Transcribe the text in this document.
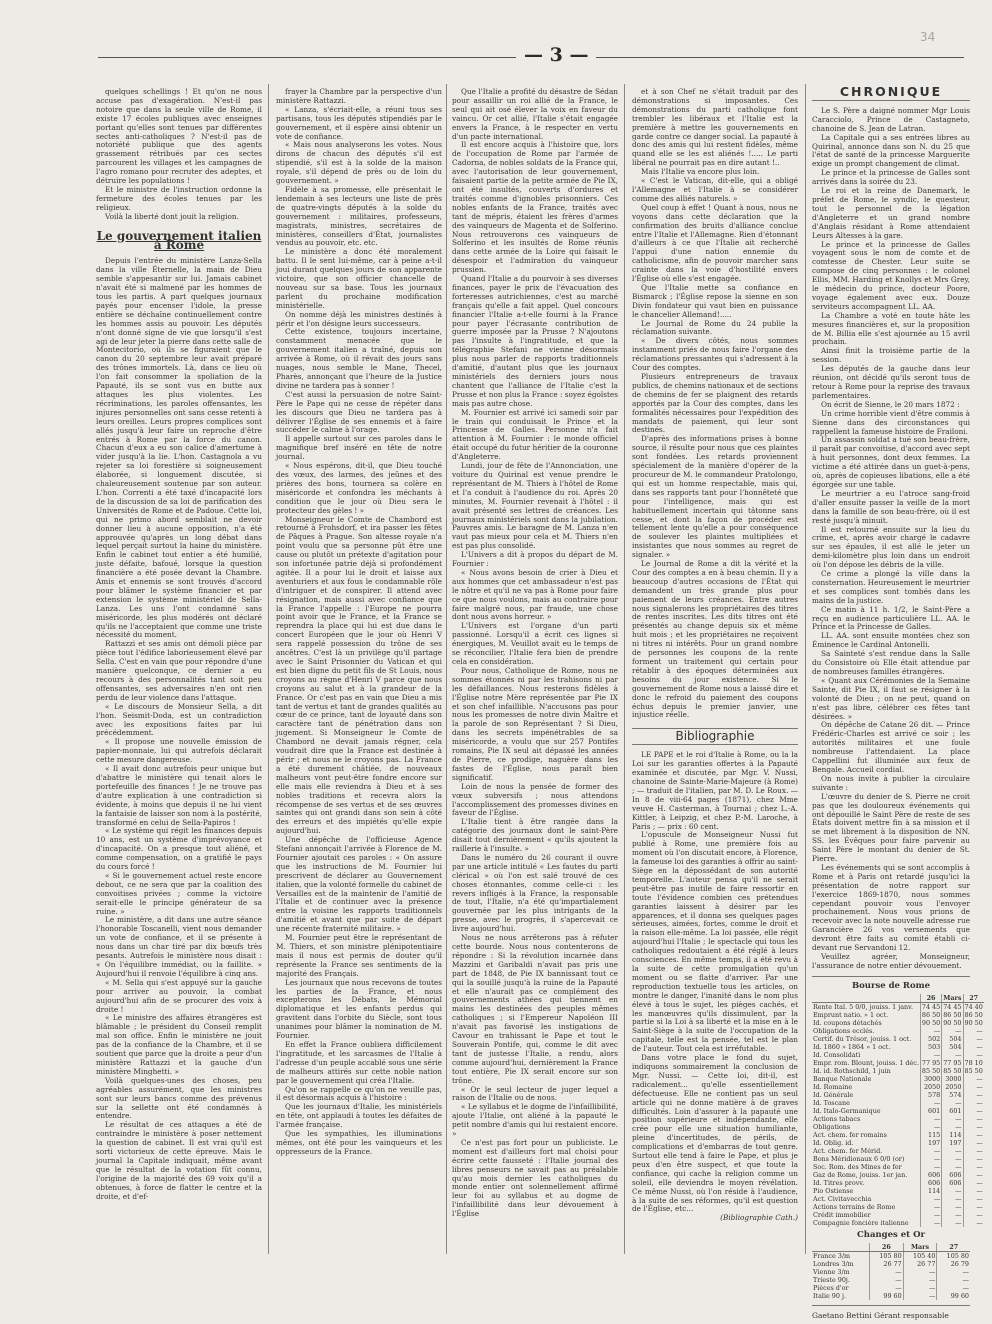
— 3 —
34

quelques schellings ! Et qu'on ne nous accuse pas d'exagération. N'est-il pas notoire que dans la seule ville de Rome, il existe 17 écoles publiques avec enseignes portant qu'elles sont tenues par différentes sectes anti-catholiques ? N'est-il pas de notoriété publique que des agents grassement rétribués par ces sectes parcourent les villages et les campagnes de l'agro romano pour recruter des adeptes, et détruire les populations !

Et le ministre de l'instruction ordonne la fermeture des écoles tenues par les religieux.

Voilà la liberté dont jouit la religion.

Le gouvernement italien à Rome

Depuis l'entrée du ministère Lanza-Sella dans la ville Éternelle, la main de Dieu semble s'appesantir sur lui. Jamais cabinet n'avait été si malmené par les hommes de tous les partis. A part quelques journaux payés pour encenser l'idole, la presse entière se déchaîne continuellement contre les hommes assis au pouvoir. Les députés n'ont donné signe de vie que lorsqu'il s'est agi de leur jeter la pierre dans cette salle de Montecitorio, où ils se figuraient que le canon du 20 septembre leur avait préparé des trônes immortels. Là, dans ce lieu où l'on fait consommer la spoliation de la Papauté, ils se sont vus en butte aux attaques les plus violentes. Les récriminations, les paroles offensantes, les injures personnelles ont sans cesse retenti à leurs oreilles. Leurs propres complices sont allés jusqu'à leur faire un reproche d'être entrés à Rome par la force du canon. Chacun d'eux a eu son calice d'amertume à vider jusqu'à la lie. L'hon. Castagnola a vu rejeter sa loi forestière si soigneusement élaborée, si longuement discutée, si chaleureusement soutenue par son auteur. L'hon. Correnti a été taxé d'incapacité lors de la discussion de sa loi de parification des Universités de Rome et de Padoue. Cette loi, qui ne primo abord semblait ne devoir donner lieu à aucune opposition, n'a été approuvée qu'après un long débat dans lequel perçait surtout la haine du ministère. Enfin le cabinet tout entier a été humilié, juste défaite, bafoué, lorsque la question financière a été posée devant la Chambre. Amis et ennemis se sont trouvés d'accord pour blâmer le système financier et par extension le système ministériel de Sella-Lanza. Les uns l'ont condamné sans miséricorde, les plus modérés ont déclaré qu'ils ne l'acceptaient que comme une triste nécessité du moment.

Rattazzi et ses amis ont démoli pièce par pièce tout l'édifice laborieusement élevé par Sella. C'est en vain que pour répondre d'une manière quelconque, ce dernier a eu recours à des personnalités tant soit peu offensantes, ses adversaires n'en ont rien perdu de leur violence dans l'attaque.

« Le discours de Monsieur Sella, a dit l'hon. Seismit-Doda, est un contradiction avec les expositions faites par lui précédemment.

« Il propose une nouvelle émission de papier-monnaie, lui qui autrefois déclarait cette mesure dangereuse.

« Il avait donc autrefois peur unique but d'abattre le ministère qui tenait alors le portefeuille des finances ! Je ne trouve pas d'autre explication à une contradiction si évidente, à moins que depuis il ne lui vient la fantaisie de laisser son nom à la postérité, transformé en celui de Sella-Papiros !

« Le système qui régit les finances depuis 10 ans, est un système d'imprévoyance et d'incapacité. On a presque tout aliéné, et comme compensation, on a gratifié le pays du cours forcé !

« Si le gouvernement actuel reste encore debout, ce ne sera que par la coalition des convoitises privées ; comme la victoire serait-elle le principe générateur de sa ruine. »

Le ministère, a dit dans une autre séance l'honorable Toscanelli, vient nous demander un vote de confiance, et il se présente à nous dans un char tiré par dix bœufs très pesants. Autrefois le ministère nous disait : « On l'équilibre immédiat, ou la faillite. » Aujourd'hui il renvoie l'équilibre à cinq ans.

« M. Sella qui s'est appuyé sur la gauche pour arriver au pouvoir, la combat aujourd'hui afin de se procurer des voix à droite !

« Le ministre des affaires étrangères est blâmable ; le président du Conseil remplit mal son office. Enfin le ministère ne jouit pas de la confiance de la Chambre, et il se soutient que parce que la droite a peur d'un ministère Rattazzi et la gauche d'un ministère Minghetti. »

Voilà quelques-unes des choses, peu agréables assurément, que les ministres sont sur leurs bancs comme des prévenus sur la sellette ont été condamnés à entendre.

Le résultat de ces attaques a été de contraindre le ministère à poser nettement la question de cabinet. Il est vrai qu'il est sorti victorieux de cette épreuve. Mais le journal la Capitale indiquait, même avant que le résultat de la votation fût connu, l'origine de la majorité des 69 voix qu'il a obtenues, à force de flatter le centre et la droite, et d'ef-

frayer la Chambre par la perspective d'un ministère Rattazzi.

« Lanza, s'écriait-elle, a réuni tous ses partisans, tous les députés stipendiés par le gouvernement, et il espère ainsi obtenir un vote de confiance.

« Mais nous analyserons les votes. Nous dirons de chacun des députés s'il est stipendié, s'il est à la solde de la maison royale, s'il dépend de près ou de loin du gouvernement. »

Fidèle à sa promesse, elle présentait le lendemain à ses lecteurs une liste de près de quatre-vingts députés à la solde du gouvernement : militaires, professeurs, magistrats, ministres, secrétaires de ministères, conseillers d'État, journalistes vendus au pouvoir, etc. etc.

Le ministère a donc été moralement battu. Il le sent lui-même, car à peine a-t-il joui durant quelques jours de son apparente victoire, que son officier chancelle de nouveau sur sa base. Tous les journaux parlent du prochaine modification ministérielle.

On nomme déjà les ministres destinés à périr et l'on désigne leurs successeurs.

Cette existence, toujours incertaine, constamment menacée que le gouvernement italien a traîné, depuis son arrivée à Rome, où il révait des jours sans nuages, nous semble le Mane, Thecel, Pharès, annonçant que l'heure de la Justice divine ne tardera pas à sonner !

C'est aussi la persuasion de notre Saint-Père le Pape qui ne cesse de répéter dans les discours que Dieu ne tardera pas à délivrer l'Église de ses ennemis et à faire succéder le calme à l'orage.

Il appelle surtout sur ces paroles dans le magnifique bref inséré en tête de notre journal.

« Nous espérons, dit-il, que Dieu touché des vœux, des larmes, des jeûnes et des prières des bons, tournera sa colère en miséricorde et confondra les méchants à condition que le jour où Dieu sera le protecteur des gèles ! »

Monseigneur le Comte de Chambord est retourné à Frohsdorf, et ira passer les fêtes de Pâques à Prague. Son altesse royale n'a point voulu que sa personne pût être une cause ou plutôt un prétexte d'agitation pour son infortunée patrie déjà si profondément agitée. Il a pour lui le droit et laisse aux aventuriers et aux fous le condamnable rôle d'intriguer et de conspirer. Il attend avec résignation, mais aussi avec confiance que la France l'appelle : l'Europe ne pourra point avoir que le France, et la France se reprendra la place qui lui est due dans le concert Européen que le jour où Henri V sera rappelé possession du trône de ses ancêtres. C'est là un privilège qu'il partage avec le Saint Prisonnier du Vatican et qui est bien digne du petit fils de St Louis, nous croyons au règne d'Henri V parce que nous croyons au salut et à la grandeur de la France. Or c'est pas en vain que Dieu a mis tant de vertus et tant de grandes qualités au cœur de ce prince, tant de loyauté dans son caractère tant de pénétration dans son jugement. Si Monseigneur le Comte de Chambord ne devait jamais régner, cela voudrait dire que la France est destinée à périr ; et nous ne le croyons pas. La France a été durement châtiée, de nouveaux malheurs vont peut-être fondre encore sur elle mais elle reviendra à Dieu et à ses nobles traditions et recevra alors la récompense de ses vertus et de ses œuvres saintes qui ont grandi dans son sein à côté des erreurs et des impiétés qu'elle expie aujourd'hui.

Une dépêche de l'officieuse Agence Stefani annonçait l'arrivée à Florence de M. Fournier ajoutait ces paroles : « On assure que les instructions de M. Fournier lui prescrivent de déclarer au Gouvernement italien, que la volonté formelle du cabinet de Versailles est de la maintenir de l'amitié de l'Italie et de continuer avec la présence entre la voisine les rapports traditionnels d'amitié et avant que par suite de départ une récente fraternité militaire. »

M. Fournier peut être le représentant de M. Thiers, et son ministre plénipotentiaire mais il nous est permis de douter qu'il représente la France ses sentiments de la majorité des Français.

Les journaux que nous recevons de toutes les parties de la France, et nous excepterons les Débats, le Mémorial diplomatique et les enfants perdus qui gravitent dans l'orbite du Siècle, sont tous unanimes pour blâmer la nomination de M. Fournier.

En effet la France oubliera difficilement l'ingratitude, et les sarcasmes de l'Italie à l'adresse d'un peuple accablé sous une série de malheurs attirés sur cette noble nation par le gouvernement qui créa l'Italie.

Qu'on se rappelle ce qu'on ne veuille pas, il est désormais acquis à l'histoire :

Que les journaux d'Italie, les ministériels en tête, ont applaudi à toutes les défaites de l'armée française.

Que les sympathies, les illuminations mêmes, ont été pour les vainqueurs et les oppresseurs de la France.

Que l'Italie a profité du désastre de Sédan pour assaillir un roi allié de la France, le seul qui ait osé élever la voix en faveur du vaincu. Or cet allié, l'Italie s'était engagée envers la France, à le respecter en vertu d'un pacte international.

Il est encore acquis à l'histoire que, lors de l'occupation de Rome par l'armée de Cadorna, de nobles soldats de la France qui, avec l'autorisation de leur gouvernement, faisaient partie de la petite armée de Pie IX, ont été insultés, couverts d'ordures et traités comme d'ignobles prisonniers. Ces nobles enfants de la France, traités avec tant de mépris, étaient les frères d'armes des vainqueurs de Magenta et de Solferino. Nous retrouverons ces vainqueurs de Solferino et les insultés de Rome réunis dans cette armée de la Loire qui faisait le désespoir et l'admiration du vainqueur prussien.

Quand l'Italie a du pourvoir à ses diverses finances, payer le prix de l'évacuation des forteresses autrichiennes, c'est au marché français qu'elle a fait appel. Quel concours financier l'Italie a-t-elle fourni à la France pour payer l'écrasante contribution de guerre imposée par la Prusse ? N'ajoutons pas l'insulte à l'ingratitude, et que la télégraphie Stefani ne vienne désormais plus nous parler de rapports traditionnels d'amitié, d'autant plus que les journaux ministériels des derniers jours nous chantent que l'alliance de l'Italie c'est la Prusse et non plus la France : soyez égoïstes mais pas autre chose.

M. Fournier est arrivé ici samedi soir par le train qui conduisait le Prince et la Princesse de Galles. Personne n'a fait attention à M. Fournier : le monde officiel était occupé du futur héritier de la couronne d'Angleterre.

Lundi, jour de fête de l'Annonciation, une voiture du Quirinal est venue prendre le représentant de M. Thiers à l'hôtel de Rome et l'a conduit à l'audience du roi. Après 20 minutes, M. Fournier revenait à l'hôtel : il avait présenté ses lettres de créances. Les journaux ministériels sont dans la jubilation. Pauvres amis. Le baragne de M. Lanza n'en vaut pas mieux pour cela et M. Thiers n'en est pas plus consolidé.

L'Univers a dit à propos du départ de M. Fournier :

« Nous avons besoin de crier à Dieu et aux hommes que cet ambassadeur n'est pas le nôtre et qu'il ne va pas à Rome pour faire ce que nous voulons, mais au contraire pour faire malgré nous, par fraude, une chose dont nous avons horreur. »

L'Univers est l'organe d'un parti passionné. Lorsqu'il a écrit ces lignes si énergiques, M. Veuillot avait eu le temps de se réconcilier, l'Italie fera bien de prendre cela en considération.

Pour nous, Catholique de Rome, nous ne sommes étonnés ni par les trahisons ni par les défaillances. Nous resterons fidèles à l'Église notre Mère représentée par Pie IX et son chef infaillible. N'accusons pas pour nous les promesses de notre divin Maître et la parole de son Représentant ? Si Dieu, dans les secrets impénétrables de sa miséricorde, a voulu que sur 257 Pontifes romains, Pie IX seul ait dépassé les années de Pierre, ce prodige, naguère dans les fastes de l'Église, nous paraît bien significatif.

Loin de nous la pensée de former des vœux subversifs ; nous attendons l'accomplissement des promesses divines en faveur de l'Église.

L'Italie tient à être rangée dans la catégorie des journaux dont le saint-Père disait tout dernièrement « qu'ils ajoutent la raillerie à l'insulte. »

Dans le numéro du 26 courant il ouvre par une article intitulé « Les fautes du parti clérical » où l'on est salé trouvé de ces choses étonnantes, comme celle-ci : les revers infligés à la France, la responsable de tout, l'Italie, n'a été qu'impartialement gouvernée par les plus intrigants de la presse, avec le progrès, il s'apercevait ce livre aujourd'hui.

Nous ne nous arrêterons pas à réfuter cette bourde. Nous nous contenterons de répondre : Si la révolution incarnée dans Mazzini et Garibaldi n'avait pas pris une part de 1848, de Pie IX bannissant tout ce qui la souillé jusqu'à la ruine de la Papauté et elle n'aurait pas ce complément des gouvernements athées qui tiennent en mains les destinées des peuples mêmes catholiques ; si l'Empereur Napoléon III n'avait pas favorisé les instigations de Cavour en trahissant le Pape et tout le Souverain Pontife, qui, comme le dit avec tant de justesse l'Italie, a rendu, alors comme aujourd'hui, dernièrement la France tout entière, Pie IX serait encore sur son trône.

« Or le seul lecteur de juger lequel a raison de l'Italie ou de nous.

« Le syllabus et le dogme de l'infaillibilité, ajoute l'Italie, ont aliéné à la papauté le petit nombre d'amis qui lui restaient encore. »

Ce n'est pas fort pour un publiciste. Le moment est d'ailleurs fort mal choisi pour écrire cette fausseté : l'Italie journal des libres penseurs ne savait pas au préalable qu'au mois dernier les catholiques du monde entier ont solennellement affirmé leur foi au syllabus et au dogme de l'infaillibilité dans leur dévouement à l'Église

et à son Chef ne s'était traduit par des démonstrations si imposantes. Ces démonstrations du parti catholique font trembler les libéraux et l'Italie est la première à mettre les gouvernements en garde contre ce danger social. La papauté à donc des amis qui lui restent fidèles, même quand elle se les est aliénés !..... Le parti libéral ne pourrait pas en dire autant !..

Mais l'Italie va encore plus loin.

« C'est le Vatican, dit-elle, qui a obligé l'Allemagne et l'Italie à se considérer comme des alliés naturels. »

Quel coup à effet ! Quant à nous, nous ne voyons dans cette déclaration que la confirmation des bruits d'alliance conclue entre l'Italie et l'Allemagne. Rien d'étonnant d'ailleurs à ce que l'Italie ait recherché l'appui d'une nation ennemie du catholicisme, afin de pouvoir marcher sans crainte dans la voie d'hostilité envers l'Église où elle s'est engagée.

Que l'Italie mette sa confiance en Bismarck ; l'Église repose la sienne en son Divin fondateur qui vaut bien en puissance le chancelier Allemand!.....

Le Journal de Rome du 24 publie la réclamation suivante.

« De divers côtés, nous sommes instamment priés de nous faire l'organe des réclamations pressantes qui s'adressent à la Cour des comptes.

Plusieurs entrepreneurs de travaux publics, de chemins nationaux et de sections de chemins de fer se plaignent des retards apportés par la Cour des comptes, dans les formalités nécessaires pour l'expédition des mandats de paiement, qui leur sont destinés.

D'après des informations prises à bonne source, il résulte pour nous que ces plaintes sont fondées. Les retards proviennent spécialement de la manière d'opérer de la procureur de M. le commandeur Pratolongo, qui est un homme respectable, mais qui, dans ses rapports tant pour l'honnêteté que pour l'intelligence, mais qui est habituellement incertain qui tâtonne sans cesse, et dont la façon de procéder est tellement lente qu'elle a pour conséquence de soulever les plaintes multipliées et insistantes que nous sommes au regret de signaler. »

Le Journal de Rome a dit la vérité et la Cour des comptes a en à beau chemin. Il y a beaucoup d'autres occasions de l'État qui demandent un très grande plus pour paiement de leurs créances. Entre autres nous signalerons les propriétaires des titres de rentes inscrites. Les dits titres ont été présentés au change depuis six et même huit mois ; et les propriétaires ne reçoivent ni titres ni intérêts. Pour un grand nombre de personnes les coupons de la rente forment un traitement qui certain pour rétablir à des époques déterminées aux besoins du jour existence. Si le gouvernement de Rome nous a laissé dire et donc le refroid du paiement des coupons échus depuis le premier janvier, une injustice réelle.

Bibliographie

LE PAPE et le roi d'Italie à Rome, ou la la Loi sur les garanties offertes à la Papauté examinée et discutée, par Mgr. V. Nussi, chanoine de Sainte-Marie-Majeure (à Rome) ; — traduit de l'italien, par M. D. Le Roux. — In 8 de viii-64 pages (1871), chez Mme veuve H. Casterman, à Tournai ; chez L.-A. Kittler, à Leipzig, et chez P.-M. Laroche, à Paris ; — prix : 60 cent.

L'opuscule de Monseigneur Nussi fut publié à Rome, une première fois au moment où l'on discutait encore, à Florence, la fameuse loi des garanties à offrir au saint-Siège en la dépossédant de son autorité temporelle. L'auteur pensa qu'il ne serait peut-être pas inutile de faire ressortir en toute l'évidence combien ces prétendues garanties laissent à désirer par les apparences, et il donna ses quelques pages sérieuses, aimées, fortes, comme le droit et la raison elle-même. La loi passée, elle régit aujourd'hui l'Italie ; le spectacle qui tous les catholiques redoutaient a été réglé à leurs consciences. En même temps, il a été revu à la suite de cette promulgation qu'un moment ou se flatte d'arriver. Par une reproduction textuelle tous les articles, on montre le danger, l'inanité dans le nom plus élevé à tous le sujet, les pièges cachés, et les manœuvres qu'ils dissimulent, par la partie si la Loi à sa liberté et la mise en à le Saint-Siège à la suite de l'occupation de la capitale, telle est la pensée, tel est le plan de l'auteur. Tout cela est irréfutable.

Dans votre place le fond du sujet, indiquons sommairement la conclusion de Mgr. Nussi. — Cette loi, dit-il, est radicalement... qu'elle essentiellement défectueuse. Elle ne contient pas un seul article qui ne donne matière à de graves difficultés. Loin d'assurer à la papauté une position supérieure et indépendante, elle crée pour elle une situation humiliante, pleine d'incertitudes, de périls, de complications et d'embarras de tout genre. Surtout elle tend à faire le Pape, et plus je peux d'en être suspect, et que toute la confiance, qui cache la religion comme un soleil, elle deviendra le moyen révélation. Ce même Nussi, où l'on réside à l'audience, à la suite de ses réformes, qu'il est question de l'Église, etc...

(Bibliographie Cath.)
CHRONIQUE

Le S. Père a daigné nommer Mgr Louis Caracciolo, Prince de Castagneto, chanoine de S. Jean de Latran.

La Capitale qui a ses entrées libres au Quirinal, annonce dans son N. du 25 que l'état de santé de la princesse Marguerite exige un prompt changement de climat.

Le prince et la princesse de Galles sont arrivés dans la soirée du 23.

Le roi et la reine de Danemark, le préfet de Rome, le syndic, le questeur, tout le personnel de la légation d'Angleterre et un grand nombre d'Anglais résidant à Rome attendaient Leurs Altesses à la gare.

Le prince et la princesse de Galles voyagent sous le nom de comte et de comtesse de Chester. Leur suite se compose de cinq personnes : le colonel Ellis, MM. Harding et Knollys et Mrs Grey, le médecin du prince, docteur Poore, voyage également avec eux. Douze serviteurs accompagnent LL. AA.

La Chambre a voté en toute hâte les mesures financières et, sur la proposition de M. Billia elle s'est ajournée au 15 avril prochain.

Ainsi finit la troisième partie de la session.

Les députés de la gauche dans leur réunion, ont décidé qu'ils seront tous de retour à Rome pour la reprise des travaux parlementaires.

On écrit de Sienne, le 20 mars 1872 :

Un crime horrible vient d'être commis à Sienne dans des circonstances qui rappellent la fameuse histoire de Frailoni.

Un assassin soldat a tué son beau-frère, il paraît par convoitise, d'accord avec sept à huit personnes, dont deux femmes. La victime a été attirée dans un guet-à-pens, où, après de copieuses libations, elle a été égorgée sur une table.

Le meurtrier a eu l'atroce sang-froid d'aller ensuite passer la veille de la mort dans la famille de son beau-frère, où il est resté jusqu'à minuit.

Il est retourné ensuite sur la lieu du crime, et, après avoir chargé le cadavre sur ses épaules, il est allé le jeter un demi-kilomètre plus loin dans un endroit où l'on dépose les débris de la ville.

Ce crime a plongé la ville dans la consternation. Heureusement le meurtrier et ses complices sont tombés dans les mains de la justice.

Ce matin à 11 h. 1/2, le Saint-Père a reçu en audience particulière LL. AA. le Prince et la Princesse de Galles.

LL. AA. sont ensuite montées chez son Éminence le Cardinal Antonelli.

Sa Sainteté s'est rendue dans la Salle du Consistoire où Elle était attendue par de nombreuses familles étrangères.

« Quant aux Cérémonies de la Semaine Sainte, dit Pie IX, il faut se résigner à la volonté de Dieu ; on ne peut, quand on n'est pas libre, célébrer ces fêtes tant désirées. »

On dépêche de Catane 26 dit. — Prince Frédéric-Charles est arrivé ce soir ; les autorités militaires et une foule nombreuse l'attendaient. La place Cappellini fut illuminée aux feux de Bengale. Accueil cordial.

On nous invite à publier la circulaire suivante :

L'œuvre du denier de S. Pierre ne croit pas que les douloureux événements qui ont dépouillé le Saint Père de reste de ses États doivent mettre fin à sa mission et il se met librement à la disposition de NN. SS. les Évêques pour faire parvenir au Saint Père le montant du denier de St. Pierre.

Les événements qui se sont accomplis à Rome et à Paris ont retardé jusqu'ici la présentation de notre rapport sur l'exercice 1869-1870, nous sommes cependant pouvoir vous l'envoyer prochainement. Nous vous prions de recevoir avec la note nouvelle adresse rue Garancière 26 vos versements que devront être faits au comité établi ci-devant rue Servandoni 12.

Veuillez agréer, Monseigneur, l'assurance de notre entier dévouement.

Bourse de Rome
	26	Mars	27
Rente Ital. 5 0/0, jouiss. 1 janv.	74 45	74 45	74 40
Emprunt natio. » 1 oct.	86 50	86 50	86 50
Id. coupons détachés	90 50	90 50	90 50
Obligations ecclés.	—	—	—
Certif. du Trésor, jouiss. 1 oct.	502	504	—
Id. 1860 » 1864 » 1 oct.	503	504	—
Id. Consolidati	—	—	—
Empr. rom. Blount, jouiss. 1 déc.	77 95	77 95	78 10
Id. id. Rothschild, 1 juin	85 50	85 50	85 50
Banque Nationale	3000	3000	—
Id. Romaine	2050	2050	—
Id. Générale	578	574	—
Id. Toscane	—	—	—
Id. Italo-Germanique	601	601	—
Actions tabacs	—	—	—
Obligations	—	—	—
Act. chem. fer romains	115	114	—
Id. Oblig. id.	197	197	—
Act. chem. fer Mérid.	—	—	—
Bons Méridionaux 6 0/0 (or)	—	—	—
Soc. Rom. des Mines de fer	—	—	—
Gaz de Rome, jouiss. 1er jan.	606	606	—
Id. Titres provv.	606	606	—
Pio Ostiense	114	—	—
Act. Civitavecchia	—	—	—
Actions terrains de Rome	—	—	—
Crédit immobilier	—	—	—
Compagnie foncière italienne	—	—	—
Changes et Or
	26	Mars	27
France 3/m	105 80	105 40	105 80
Londres 3/m	26 77	26 77	26 79
Vienne 3/m	—	—	—
Trieste 90j.	—	—	—
Pièces d'or	—	—	—
Italie 90 j.	99 60	—	99 60
Gaetano Bettini Gérant responsable
